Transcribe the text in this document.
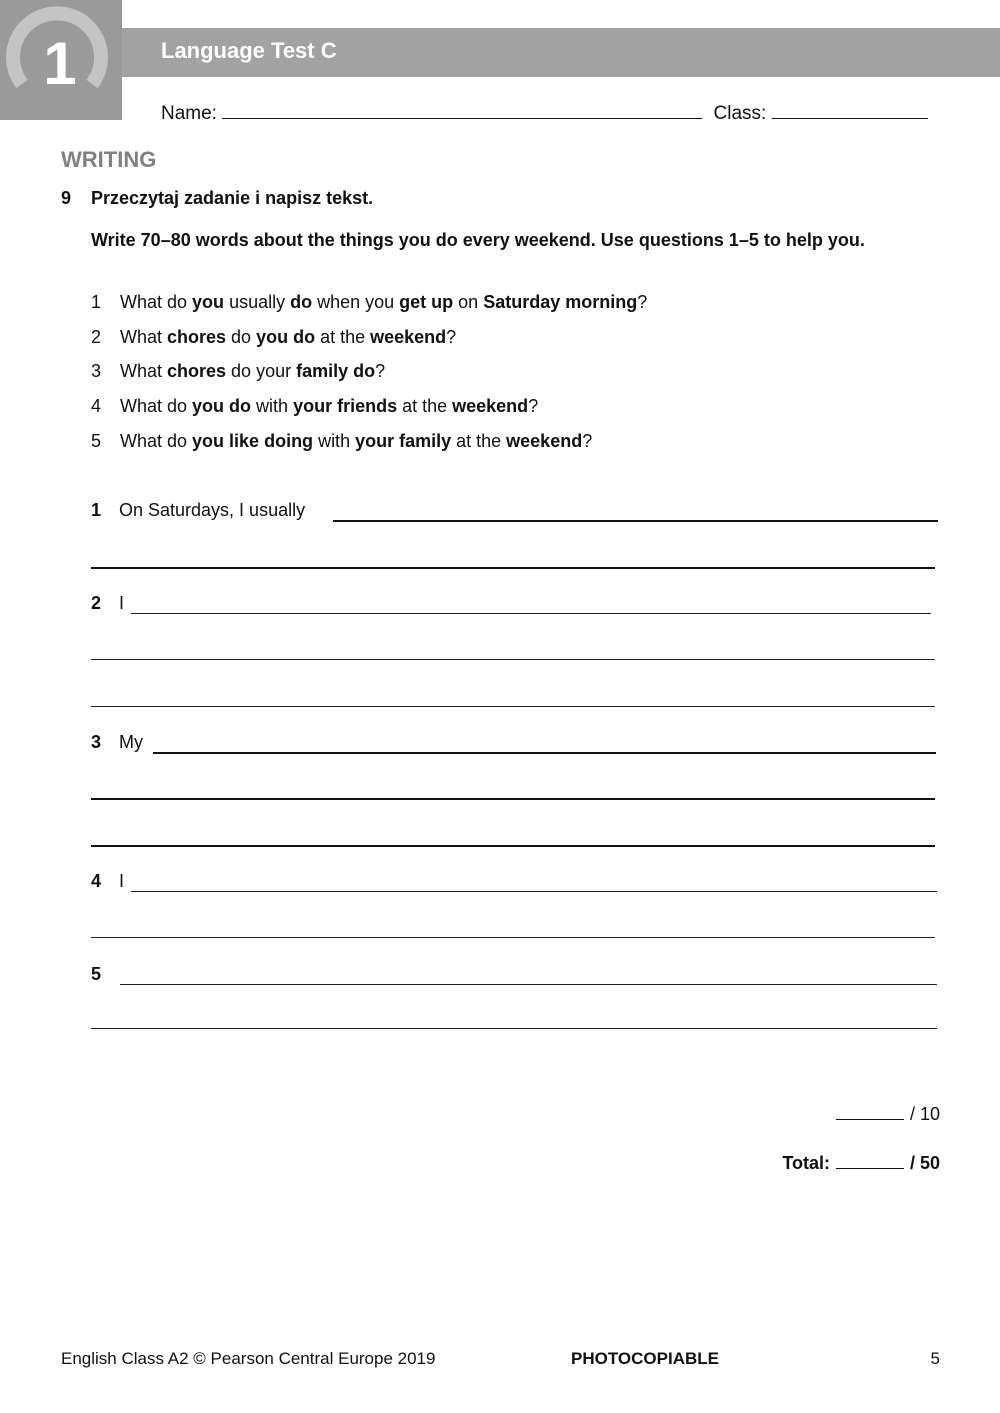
1	Language Test C
Name:	Class:
WRITING
9 Przeczytaj zadanie i napisz tekst.
Write 70–80 words about the things you do every weekend. Use questions 1–5 to help you.
1 What do you usually do when you get up on Saturday morning?
2 What chores do you do at the weekend?
3 What chores do your family do?
4 What do you do with your friends at the weekend?
5 What do you like doing with your family at the weekend?
1 On Saturdays, I usually
2 I
3 My
4 I
5
/ 10
Total:	/ 50
English Class A2 © Pearson Central Europe 2019	PHOTOCOPIABLE	5
